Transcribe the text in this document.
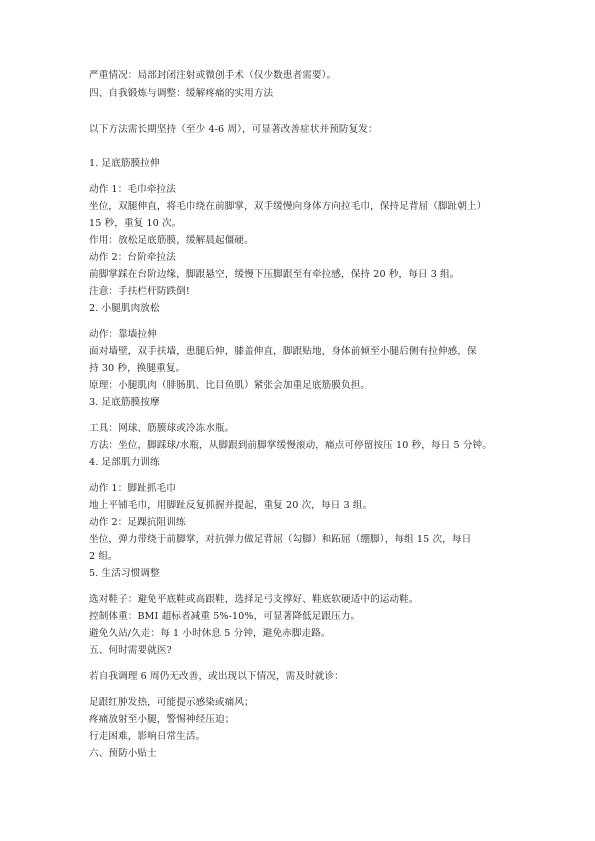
严重情况：局部封闭注射或微创手术（仅少数患者需要）。
四、自我锻炼与调整：缓解疼痛的实用方法
以下方法需长期坚持（至少 4-6 周），可显著改善症状并预防复发：
1. 足底筋膜拉伸
动作 1：毛巾牵拉法
坐位，双腿伸直，将毛巾绕在前脚掌，双手缓慢向身体方向拉毛巾，保持足背屈（脚趾朝上）
15 秒，重复 10 次。
作用：放松足底筋膜，缓解晨起僵硬。
动作 2：台阶牵拉法
前脚掌踩在台阶边缘，脚跟悬空，缓慢下压脚跟至有牵拉感，保持 20 秒，每日 3 组。
注意：手扶栏杆防跌倒!
2. 小腿肌肉放松
动作：靠墙拉伸
面对墙壁，双手扶墙，患腿后伸，膝盖伸直，脚跟贴地，身体前倾至小腿后侧有拉伸感，保
持 30 秒，换腿重复。
原理：小腿肌肉（腓肠肌、比目鱼肌）紧张会加重足底筋膜负担。
3. 足底筋膜按摩
工具：网球、筋膜球或冷冻水瓶。
方法：坐位，脚踩球/水瓶，从脚跟到前脚掌缓慢滚动，痛点可停留按压 10 秒，每日 5 分钟。
4. 足部肌力训练
动作 1：脚趾抓毛巾
地上平铺毛巾，用脚趾反复抓握并提起，重复 20 次，每日 3 组。
动作 2：足踝抗阻训练
坐位，弹力带绕于前脚掌，对抗弹力做足背屈（勾脚）和跖屈（绷脚），每组 15 次，每日
2 组。
5. 生活习惯调整
选对鞋子：避免平底鞋或高跟鞋，选择足弓支撑好、鞋底软硬适中的运动鞋。
控制体重：BMI 超标者减重 5%-10%，可显著降低足跟压力。
避免久站/久走：每 1 小时休息 5 分钟，避免赤脚走路。
五、何时需要就医?
若自我调理 6 周仍无改善，或出现以下情况，需及时就诊：
足跟红肿发热，可能提示感染或痛风；
疼痛放射至小腿，警惕神经压迫；
行走困难，影响日常生活。
六、预防小贴士
